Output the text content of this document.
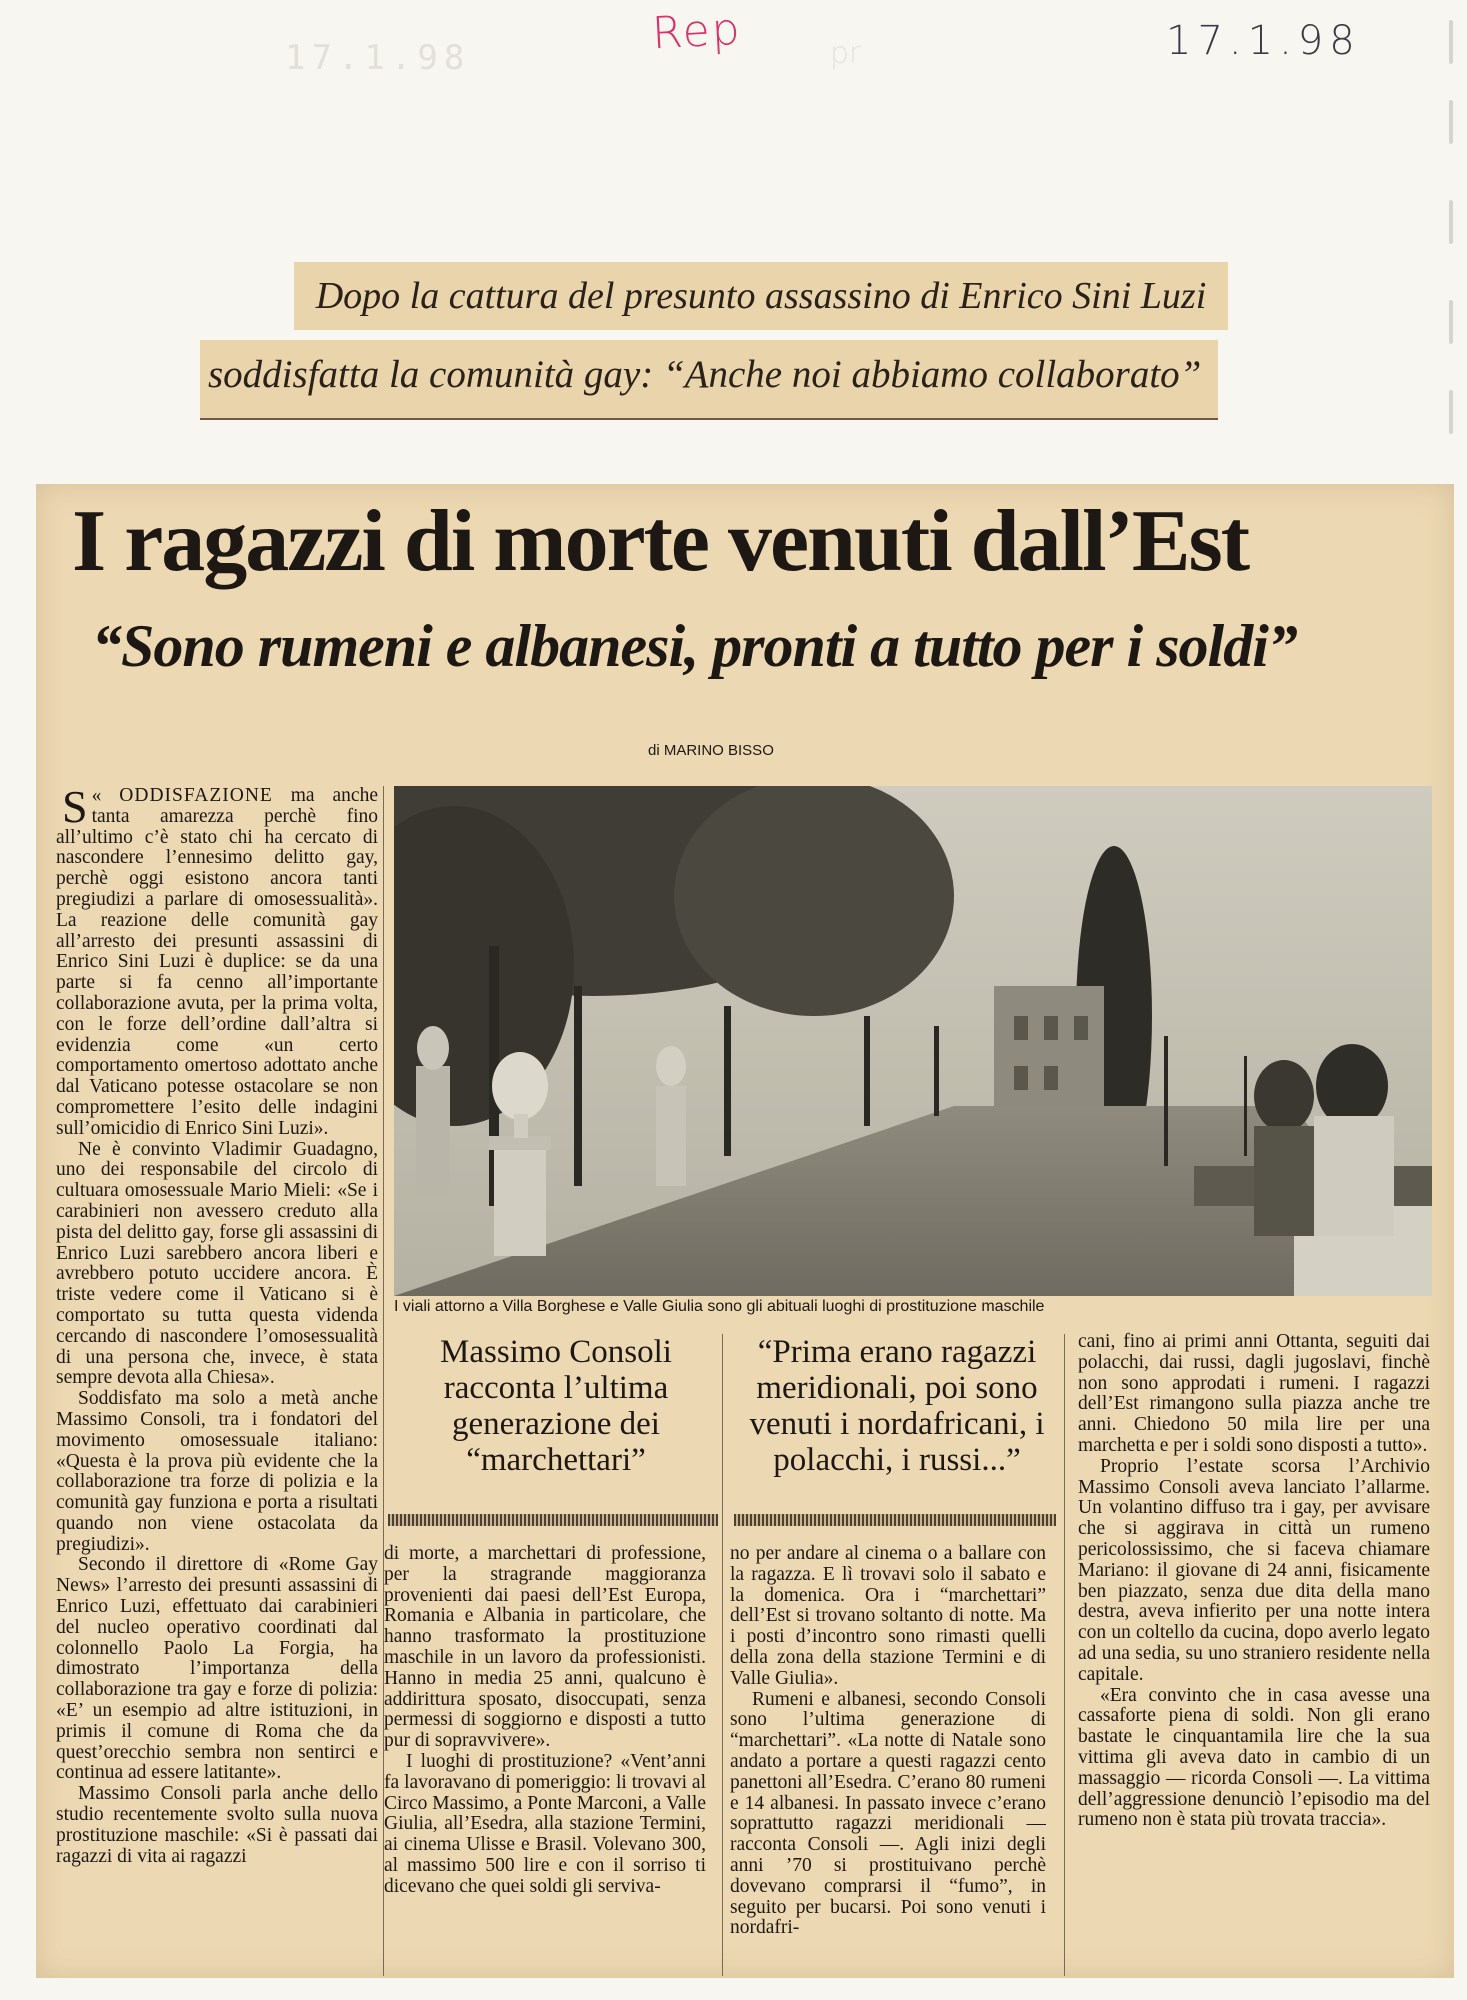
Rep	17.1.98
17.1.98	pr
Dopo la cattura del presunto assassino di Enrico Sini Luzi
soddisfatta la comunità gay: “Anche noi abbiamo collaborato”
I ragazzi di morte venuti dall’Est
“Sono rumeni e albanesi, pronti a tutto per i soldi”
di MARINO BISSO
I viali attorno a Villa Borghese e Valle Giulia sono gli abituali luoghi di prostituzione maschile

«
S ODDISFAZIONE ma anche tanta amarezza perchè fino all’ultimo c’è stato chi ha cercato di nascondere l’ennesimo delitto gay, perchè oggi esistono ancora tanti pregiudizi a parlare di omosessualità». La reazione delle comunità gay all’arresto dei presunti assassini di Enrico Sini Luzi è duplice: se da una parte si fa cenno all’importante collaborazione avuta, per la prima volta, con le forze dell’ordine dall’altra si evidenzia come «un certo comportamento omertoso adottato anche dal Vaticano potesse ostacolare se non compromettere l’esito delle indagini sull’omicidio di Enrico Sini Luzi».

Ne è convinto Vladimir Guadagno, uno dei responsabile del circolo di cultuara omosessuale Mario Mieli: «Se i carabinieri non avessero creduto alla pista del delitto gay, forse gli assassini di Enrico Luzi sarebbero ancora liberi e avrebbero potuto uccidere ancora. È triste vedere come il Vaticano si è comportato su tutta questa videnda cercando di nascondere l’omosessualità di una persona che, invece, è stata sempre devota alla Chiesa».

Soddisfato ma solo a metà anche Massimo Consoli, tra i fondatori del movimento omosessuale italiano: «Questa è la prova più evidente che la collaborazione tra forze di polizia e la comunità gay funziona e porta a risultati quando non viene ostacolata da pregiudizi».

Secondo il direttore di «Rome Gay News» l’arresto dei presunti assassini di Enrico Luzi, effettuato dai carabinieri del nucleo operativo coordinati dal colonnello Paolo La Forgia, ha dimostrato l’importanza della collaborazione tra gay e forze di polizia: «E’ un esempio ad altre istituzioni, in primis il comune di Roma che da quest’orecchio sembra non sentirci e continua ad essere latitante».

Massimo Consoli parla anche dello studio recentemente svolto sulla nuova prostituzione maschile: «Si è passati dai ragazzi di vita ai ragazzi

Massimo Consoli racconta l’ultima generazione dei “marchettari”
“Prima erano ragazzi meridionali, poi sono venuti i nordafricani, i polacchi, i russi...”

di morte, a marchettari di professione, per la stragrande maggioranza provenienti dai paesi dell’Est Europa, Romania e Albania in particolare, che hanno trasformato la prostituzione maschile in un lavoro da professionisti. Hanno in media 25 anni, qualcuno è addirittura sposato, disoccupati, senza permessi di soggiorno e disposti a tutto pur di sopravvivere».

I luoghi di prostituzione? «Vent’anni fa lavoravano di pomeriggio: li trovavi al Circo Massimo, a Ponte Marconi, a Valle Giulia, all’Esedra, alla stazione Termini, ai cinema Ulisse e Brasil. Volevano 300, al massimo 500 lire e con il sorriso ti dicevano che quei soldi gli serviva-

no per andare al cinema o a ballare con la ragazza. E lì trovavi solo il sabato e la domenica. Ora i “marchettari” dell’Est si trovano soltanto di notte. Ma i posti d’incontro sono rimasti quelli della zona della stazione Termini e di Valle Giulia».

Rumeni e albanesi, secondo Consoli sono l’ultima generazione di “marchettari”. «La notte di Natale sono andato a portare a questi ragazzi cento panettoni all’Esedra. C’erano 80 rumeni e 14 albanesi. In passato invece c’erano soprattutto ragazzi meridionali — racconta Consoli —. Agli inizi degli anni ’70 si prostituivano perchè dovevano comprarsi il “fumo”, in seguito per bucarsi. Poi sono venuti i nordafri-

cani, fino ai primi anni Ottanta, seguiti dai polacchi, dai russi, dagli jugoslavi, finchè non sono approdati i rumeni. I ragazzi dell’Est rimangono sulla piazza anche tre anni. Chiedono 50 mila lire per una marchetta e per i soldi sono disposti a tutto».

Proprio l’estate scorsa l’Archivio Massimo Consoli aveva lanciato l’allarme. Un volantino diffuso tra i gay, per avvisare che si aggirava in città un rumeno pericolossissimo, che si faceva chiamare Mariano: il giovane di 24 anni, fisicamente ben piazzato, senza due dita della mano destra, aveva infierito per una notte intera con un coltello da cucina, dopo averlo legato ad una sedia, su uno straniero residente nella capitale.

«Era convinto che in casa avesse una cassaforte piena di soldi. Non gli erano bastate le cinquantamila lire che la sua vittima gli aveva dato in cambio di un massaggio — ricorda Consoli —. La vittima dell’aggressione denunciò l’episodio ma del rumeno non è stata più trovata traccia».
